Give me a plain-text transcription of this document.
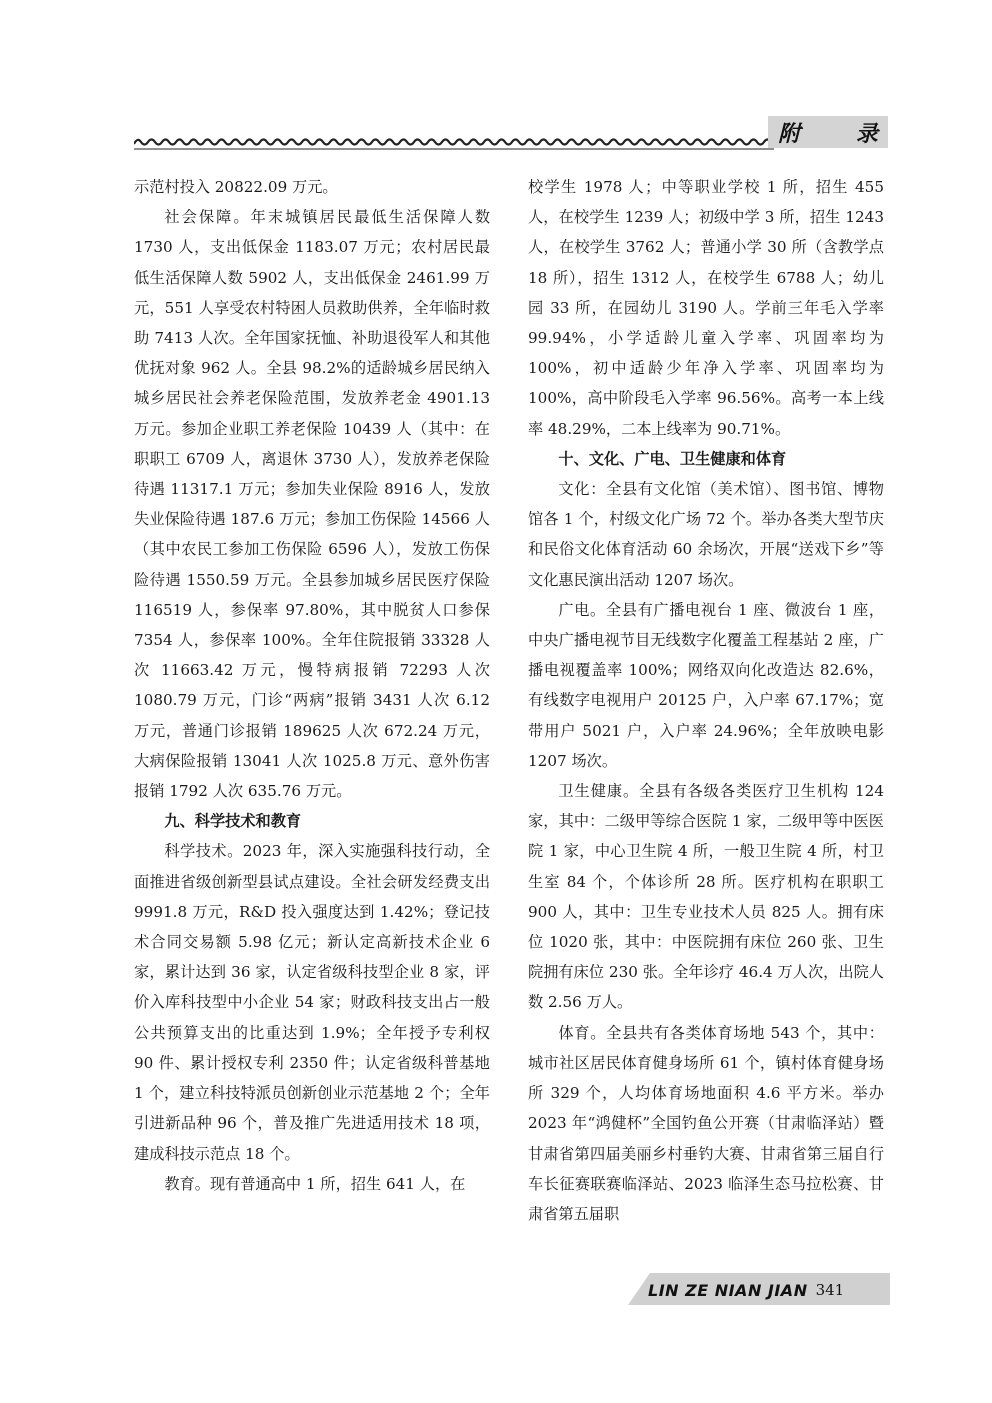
附 录

示范村投入 20822.09 万元。

社会保障。年末城镇居民最低生活保障人数 1730 人，支出低保金 1183.07 万元；农村居民最低生活保障人数 5902 人，支出低保金 2461.99 万元，551 人享受农村特困人员救助供养，全年临时救助 7413 人次。全年国家抚恤、补助退役军人和其他优抚对象 962 人。全县 98.2%的适龄城乡居民纳入城乡居民社会养老保险范围，发放养老金 4901.13 万元。参加企业职工养老保险 10439 人（其中：在职职工 6709 人，离退休 3730 人），发放养老保险待遇 11317.1 万元；参加失业保险 8916 人，发放失业保险待遇 187.6 万元；参加工伤保险 14566 人（其中农民工参加工伤保险 6596 人），发放工伤保险待遇 1550.59 万元。全县参加城乡居民医疗保险 116519 人，参保率 97.80%，其中脱贫人口参保 7354 人，参保率 100%。全年住院报销 33328 人次 11663.42 万元，慢特病报销 72293 人次 1080.79 万元，门诊“两病”报销 3431 人次 6.12 万元，普通门诊报销 189625 人次 672.24 万元，大病保险报销 13041 人次 1025.8 万元、意外伤害报销 1792 人次 635.76 万元。

九、科学技术和教育

科学技术。2023 年，深入实施强科技行动，全面推进省级创新型县试点建设。全社会研发经费支出 9991.8 万元，R&D 投入强度达到 1.42%；登记技术合同交易额 5.98 亿元；新认定高新技术企业 6 家，累计达到 36 家，认定省级科技型企业 8 家，评价入库科技型中小企业 54 家；财政科技支出占一般公共预算支出的比重达到 1.9%；全年授予专利权 90 件、累计授权专利 2350 件；认定省级科普基地 1 个，建立科技特派员创新创业示范基地 2 个；全年引进新品种 96 个，普及推广先进适用技术 18 项，建成科技示范点 18 个。

教育。现有普通高中 1 所，招生 641 人，在

校学生 1978 人；中等职业学校 1 所，招生 455 人，在校学生 1239 人；初级中学 3 所，招生 1243 人，在校学生 3762 人；普通小学 30 所（含教学点 18 所），招生 1312 人，在校学生 6788 人；幼儿园 33 所，在园幼儿 3190 人。学前三年毛入学率 99.94%，小学适龄儿童入学率、巩固率均为 100%，初中适龄少年净入学率、巩固率均为 100%，高中阶段毛入学率 96.56%。高考一本上线率 48.29%，二本上线率为 90.71%。

十、文化、广电、卫生健康和体育

文化：全县有文化馆（美术馆）、图书馆、博物馆各 1 个，村级文化广场 72 个。举办各类大型节庆和民俗文化体育活动 60 余场次，开展“送戏下乡”等文化惠民演出活动 1207 场次。

广电。全县有广播电视台 1 座、微波台 1 座，中央广播电视节目无线数字化覆盖工程基站 2 座，广播电视覆盖率 100%；网络双向化改造达 82.6%，有线数字电视用户 20125 户，入户率 67.17%；宽带用户 5021 户，入户率 24.96%；全年放映电影 1207 场次。

卫生健康。全县有各级各类医疗卫生机构 124 家，其中：二级甲等综合医院 1 家，二级甲等中医医院 1 家，中心卫生院 4 所，一般卫生院 4 所，村卫生室 84 个，个体诊所 28 所。医疗机构在职职工 900 人，其中：卫生专业技术人员 825 人。拥有床位 1020 张，其中：中医院拥有床位 260 张、卫生院拥有床位 230 张。全年诊疗 46.4 万人次，出院人数 2.56 万人。

体育。全县共有各类体育场地 543 个，其中：城市社区居民体育健身场所 61 个，镇村体育健身场所 329 个，人均体育场地面积 4.6 平方米。举办 2023 年“鸿健杯”全国钓鱼公开赛（甘肃临泽站）暨甘肃省第四届美丽乡村垂钓大赛、甘肃省第三届自行车长征赛联赛临泽站、2023 临泽生态马拉松赛、甘肃省第五届职

LIN ZE NIAN JIAN 341
